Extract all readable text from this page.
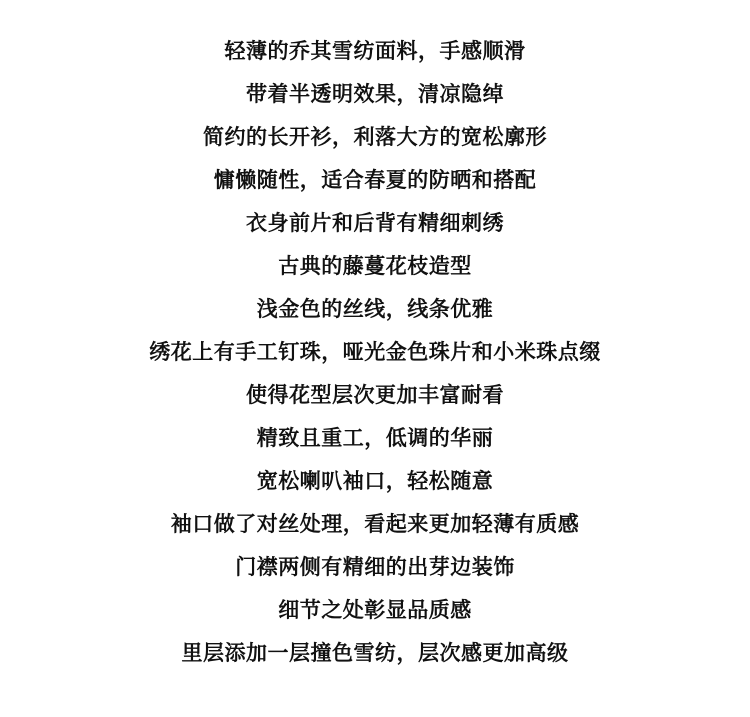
轻薄的乔其雪纺面料，手感顺滑

带着半透明效果，清凉隐绰

简约的长开衫，利落大方的宽松廓形

慵懒随性，适合春夏的防晒和搭配

衣身前片和后背有精细刺绣

古典的藤蔓花枝造型

浅金色的丝线，线条优雅

绣花上有手工钉珠，哑光金色珠片和小米珠点缀

使得花型层次更加丰富耐看

精致且重工，低调的华丽

宽松喇叭袖口，轻松随意

袖口做了对丝处理，看起来更加轻薄有质感

门襟两侧有精细的出芽边装饰

细节之处彰显品质感

里层添加一层撞色雪纺，层次感更加高级
